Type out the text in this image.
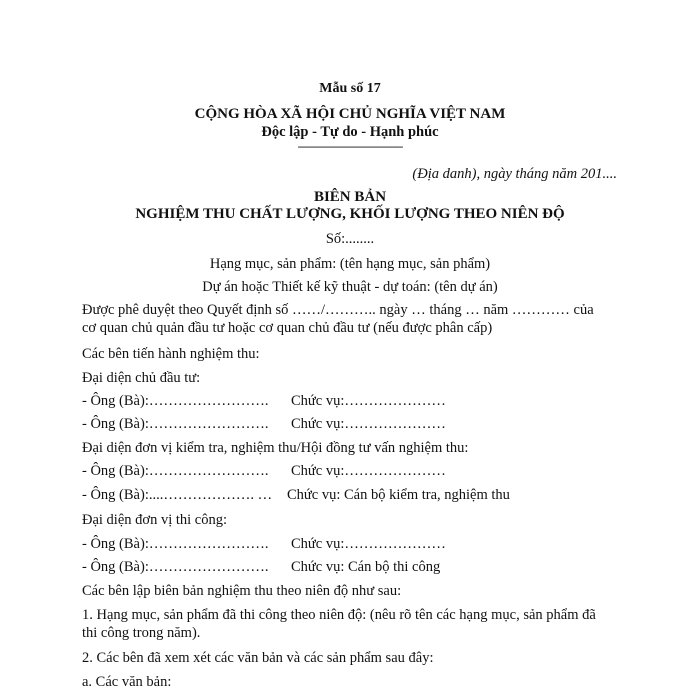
Mẫu số 17
CỘNG HÒA XÃ HỘI CHỦ NGHĨA VIỆT NAM
Độc lập - Tự do - Hạnh phúc
-----------------------------------
(Địa danh), ngày tháng năm 201....
BIÊN BẢN
NGHIỆM THU CHẤT LƯỢNG, KHỐI LƯỢNG THEO NIÊN ĐỘ
Số:........
Hạng mục, sản phẩm: (tên hạng mục, sản phẩm)
Dự án hoặc Thiết kế kỹ thuật - dự toán: (tên dự án)
Được phê duyệt theo Quyết định số ……/……….. ngày … tháng … năm ………… của
cơ quan chủ quản đầu tư hoặc cơ quan chủ đầu tư (nếu được phân cấp)
Các bên tiến hành nghiệm thu:
Đại diện chủ đầu tư:
- Ông (Bà):……………………. Chức vụ:…………………
- Ông (Bà):……………………. Chức vụ:…………………
Đại diện đơn vị kiểm tra, nghiệm thu/Hội đồng tư vấn nghiệm thu:
- Ông (Bà):……………………. Chức vụ:…………………
- Ông (Bà):....………………. … Chức vụ: Cán bộ kiểm tra, nghiệm thu
Đại diện đơn vị thi công:
- Ông (Bà):……………………. Chức vụ:…………………
- Ông (Bà):……………………. Chức vụ: Cán bộ thi công
Các bên lập biên bản nghiệm thu theo niên độ như sau:
1. Hạng mục, sản phẩm đã thi công theo niên độ: (nêu rõ tên các hạng mục, sản phẩm đã
thi công trong năm).
2. Các bên đã xem xét các văn bản và các sản phẩm sau đây:
a. Các văn bản:
